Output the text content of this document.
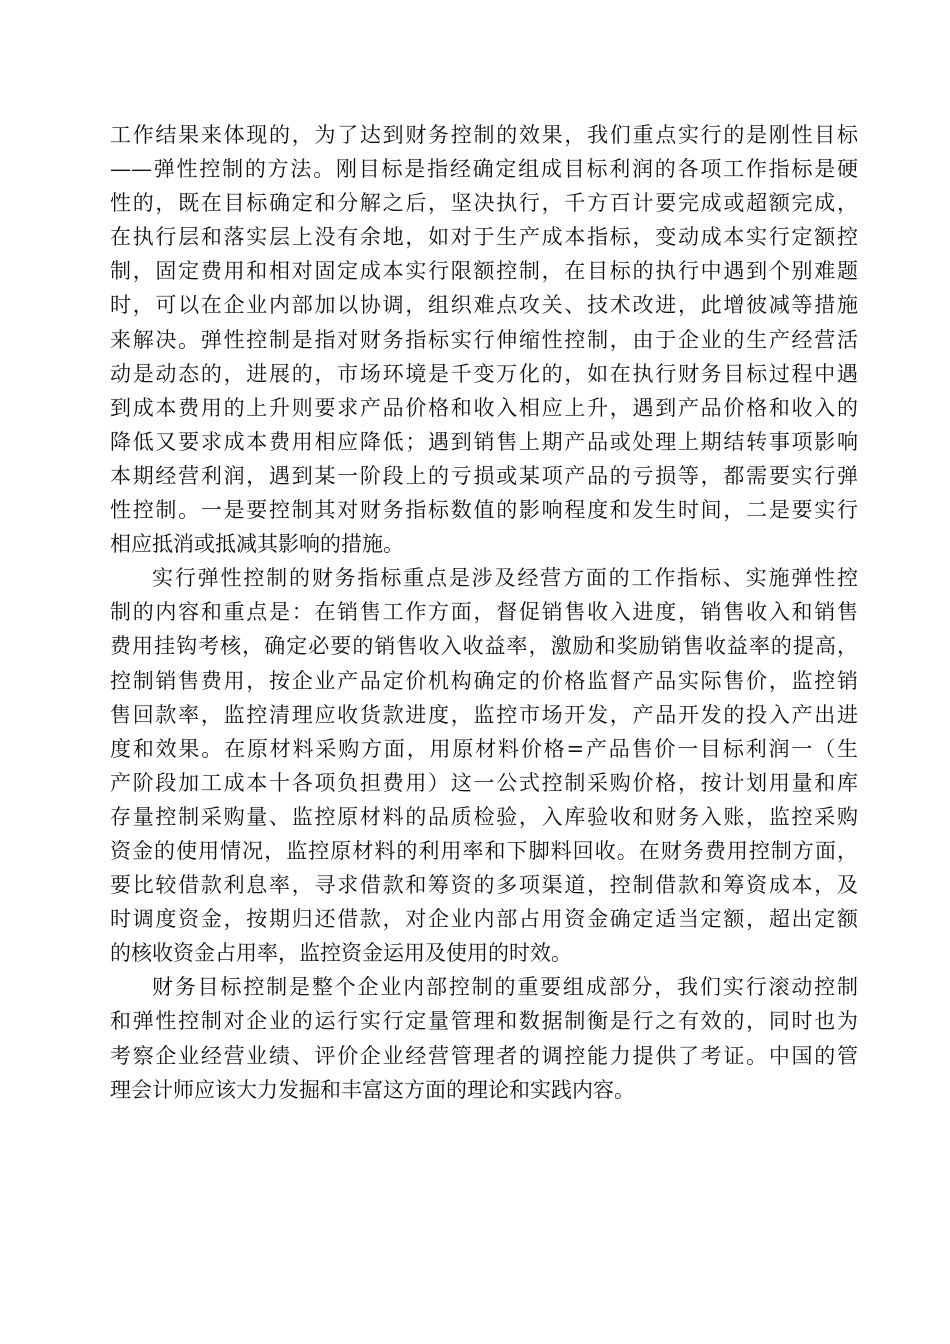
工作结果来体现的，为了达到财务控制的效果，我们重点实行的是刚性目标
——弹性控制的方法。刚目标是指经确定组成目标利润的各项工作指标是硬
性的，既在目标确定和分解之后，坚决执行，千方百计要完成或超额完成，
在执行层和落实层上没有余地，如对于生产成本指标，变动成本实行定额控
制，固定费用和相对固定成本实行限额控制，在目标的执行中遇到个别难题
时，可以在企业内部加以协调，组织难点攻关、技术改进，此增彼减等措施
来解决。弹性控制是指对财务指标实行伸缩性控制，由于企业的生产经营活
动是动态的，进展的，市场环境是千变万化的，如在执行财务目标过程中遇
到成本费用的上升则要求产品价格和收入相应上升，遇到产品价格和收入的
降低又要求成本费用相应降低；遇到销售上期产品或处理上期结转事项影响
本期经营利润，遇到某一阶段上的亏损或某项产品的亏损等，都需要实行弹
性控制。一是要控制其对财务指标数值的影响程度和发生时间，二是要实行
相应抵消或抵减其影响的措施。
实行弹性控制的财务指标重点是涉及经营方面的工作指标、实施弹性控
制的内容和重点是：在销售工作方面，督促销售收入进度，销售收入和销售
费用挂钩考核，确定必要的销售收入收益率，激励和奖励销售收益率的提高，
控制销售费用，按企业产品定价机构确定的价格监督产品实际售价，监控销
售回款率，监控清理应收货款进度，监控市场开发，产品开发的投入产出进
度和效果。在原材料采购方面，用原材料价格=产品售价一目标利润一（生
产阶段加工成本十各项负担费用）这一公式控制采购价格，按计划用量和库
存量控制采购量、监控原材料的品质检验，入库验收和财务入账，监控采购
资金的使用情况，监控原材料的利用率和下脚料回收。在财务费用控制方面，
要比较借款利息率，寻求借款和筹资的多项渠道，控制借款和筹资成本，及
时调度资金，按期归还借款，对企业内部占用资金确定适当定额，超出定额
的核收资金占用率，监控资金运用及使用的时效。
财务目标控制是整个企业内部控制的重要组成部分，我们实行滚动控制
和弹性控制对企业的运行实行定量管理和数据制衡是行之有效的，同时也为
考察企业经营业绩、评价企业经营管理者的调控能力提供了考证。中国的管
理会计师应该大力发掘和丰富这方面的理论和实践内容。
